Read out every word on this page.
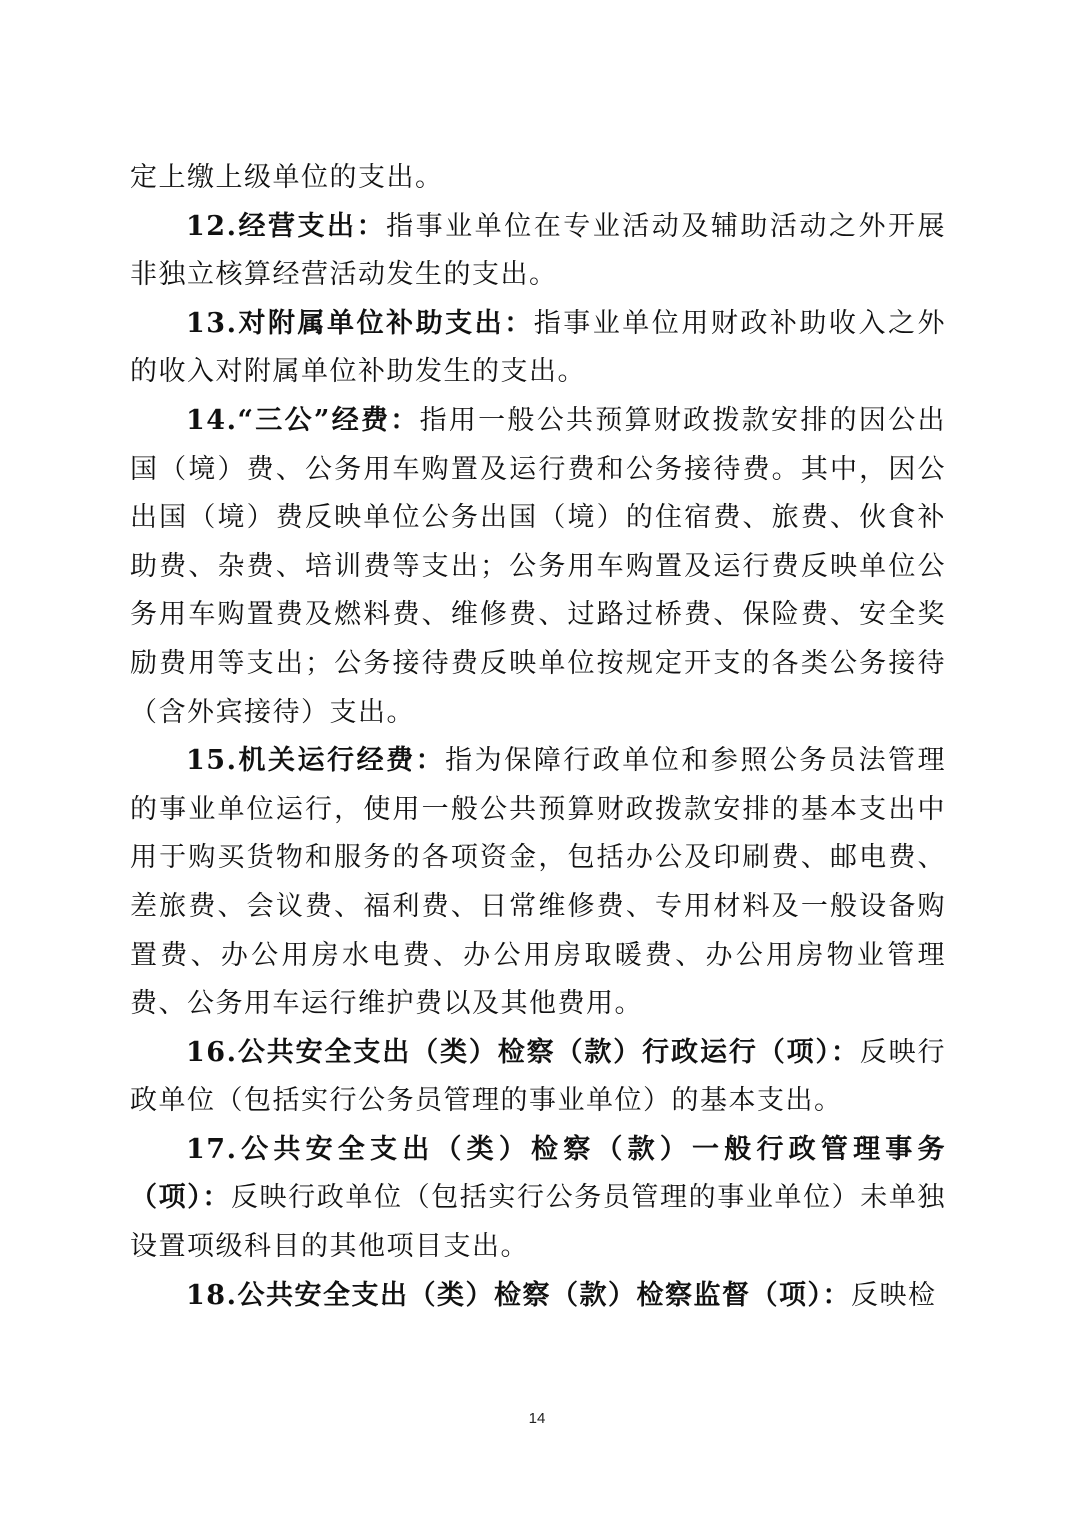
定上缴上级单位的支出。

12.经营支出：指事业单位在专业活动及辅助活动之外开展非独立核算经营活动发生的支出。

13.对附属单位补助支出：指事业单位用财政补助收入之外的收入对附属单位补助发生的支出。

14.“三公”经费：指用一般公共预算财政拨款安排的因公出国（境）费、公务用车购置及运行费和公务接待费。其中，因公出国（境）费反映单位公务出国（境）的住宿费、旅费、伙食补助费、杂费、培训费等支出；公务用车购置及运行费反映单位公务用车购置费及燃料费、维修费、过路过桥费、保险费、安全奖励费用等支出；公务接待费反映单位按规定开支的各类公务接待（含外宾接待）支出。

15.机关运行经费：指为保障行政单位和参照公务员法管理的事业单位运行，使用一般公共预算财政拨款安排的基本支出中用于购买货物和服务的各项资金，包括办公及印刷费、邮电费、差旅费、会议费、福利费、日常维修费、专用材料及一般设备购置费、办公用房水电费、办公用房取暖费、办公用房物业管理费、公务用车运行维护费以及其他费用。

16.公共安全支出（类）检察（款）行政运行（项）：反映行政单位（包括实行公务员管理的事业单位）的基本支出。

17.公共安全支出（类）检察（款）一般行政管理事务（项）：反映行政单位（包括实行公务员管理的事业单位）未单独设置项级科目的其他项目支出。

18.公共安全支出（类）检察（款）检察监督（项）：反映检

14
